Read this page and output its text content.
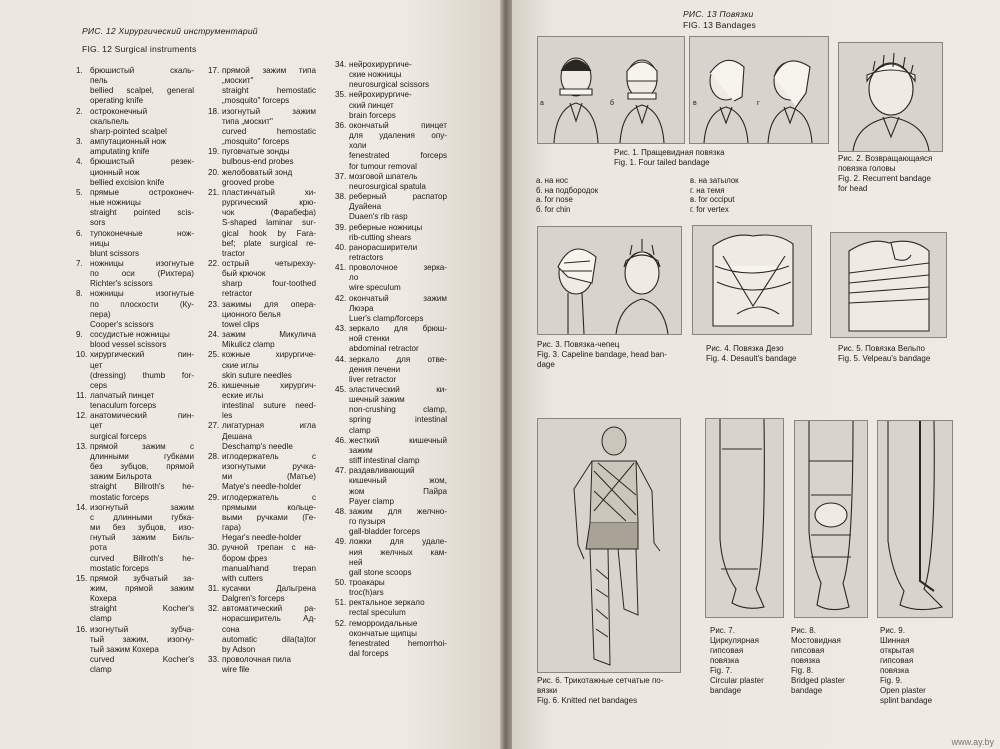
РИС. 12 Хирургический инструментарий
FIG. 12 Surgical instruments
1. брюшистый скаль-
пель
bellied scalpel, general
operating knife
2. остроконечный
скальпель
sharp-pointed scalpel
3. ампутационный нож
amputating knife
4. брюшистый резек-
ционный нож
bellied excision knife
5. прямые остроконеч-
ные ножницы
straight pointed scis-
sors
6. тупоконечные нож-
ницы
blunt scissors
7. ножницы изогнутые
по оси (Рихтера)
Richter's scissors
8. ножницы изогнутые
по плоскости (Ку-
пера)
Cooper's scissors
9. сосудистые ножницы
blood vessel scissors
10. хирургический пин-
цет
(dressing) thumb for-
ceps
11. лапчатый пинцет
tenaculum forceps
12. анатомический пин-
цет
surgical forceps
13. прямой зажим с
длинными губками
без зубцов, прямой
зажим Бильрота
straight Billroth's he-
mostatic forceps
14. изогнутый зажим
с длинными губка-
ми без зубцов, изо-
гнутый зажим Биль-
рота
curved Billroth's he-
mostatic forceps
15. прямой зубчатый за-
жим, прямой зажим
Кохера
straight Kocher's
clamp
16. изогнутый зубча-
тый зажим, изогну-
тый зажим Кохера
curved Kocher's
clamp
17. прямой зажим типа
„москит"
straight hemostatic
„mosquito" forceps
18. изогнутый зажим
типа „москит"
curved hemostatic
„mosquito" forceps
19. пуговчатые зонды
bulbous-end probes
20. желобоватый зонд
grooved probe
21. пластинчатый хи-
рургический крю-
чок (Фарабефа)
S-shaped laminar sur-
gical hook by Fara-
bef; plate surgical re-
tractor
22. острый четырехзу-
бый крючок
sharp four-toothed
retractor
23. зажимы для опера-
ционного белья
towel clips
24. зажим Микулича
Mikulicz clamp
25. кожные хирургиче-
ские иглы
skin suture needles
26. кишечные хирургич-
еские иглы
intestinal suture need-
les
27. лигатурная игла
Дешана
Deschamp's needle
28. иглодержатель с
изогнутыми ручка-
ми (Матье)
Matye's needle-holder
29. иглодержатель с
прямыми кольце-
выми ручками (Ге-
гара)
Hegar's needle-holder
30. ручной трепан с на-
бором фрез
manual/hand trepan
with cutters
31. кусачки Дальгрена
Dalgren's forceps
32. автоматический ра-
норасширитель Ад-
сона
automatic dila(ta)tor
by Adson
33. проволочная пила
wire file
34. нейрохирургиче-
ские ножницы
neurosurgical scissors
35. нейрохирургиче-
ский пинцет
brain forceps
36. окончатый пинцет
для удаления опу-
холи
fenestrated forceps
for tumour removal
37. мозговой шпатель
neurosurgical spatula
38. реберный распатор
Дуайена
Duaen's rib rasp
39. реберные ножницы
rib-cutting shears
40. ранорасширители
retractors
41. проволочное зерка-
ло
wire speculum
42. окончатый зажим
Люэра
Luer's clamp/forceps
43. зеркало для брюш-
ной стенки
abdominal retractor
44. зеркало для отве-
дения печени
liver retractor
45. эластический ки-
шечный зажим
non-crushing clamp,
spring intestinal
clamp
46. жесткий кишечный
зажим
stiff intestinal clamp
47. раздавливающий
кишечный жом,
жом Пайра
Payer clamp
48. зажим для желчно-
го пузыря
gall-bladder forceps
49. ложки для удале-
ния желчных кам-
ней
gall stone scoops
50. троакары
troc(h)ars
51. ректальное зеркало
rectal speculum
52. геморроидальные
окончатые щипцы
fenestrated hemorrhoi-
dal forceps
РИС. 13 Повязки
FIG. 13 Bandages
а	б	в	г
Рис. 1. Пращевидная повязка
Fig. 1. Four tailed bandage	Рис. 2. Возвращающаяся
повязка головы
Fig. 2. Recurrent bandage
for head
Рис. 3. Повязка-чепец
Fig. 3. Capeline bandage, head ban-
dage
Рис. 4. Повязка Дезо
Fig. 4. Desault's bandage
Рис. 5. Повязка Вельпо
Fig. 5. Velpeau's bandage
Рис. 6. Трикотажные сетчатые по-
вязки
Fig. 6. Knitted net bandages
Рис. 7.
Циркулярная
гипсовая
повязка
Fig. 7.
Circular plaster
bandage
Рис. 8.
Мостовидная
гипсовая
повязка
Fig. 8.
Bridged plaster
bandage
Рис. 9.
Шинная
открытая
гипсовая
повязка
Fig. 9.
Open plaster
splint bandage
а. на нос
б. на подбородок
a. for nose
б. for chin
в. на затылок
г. на темя
в. for occiput
г. for vertex
www.ay.by
